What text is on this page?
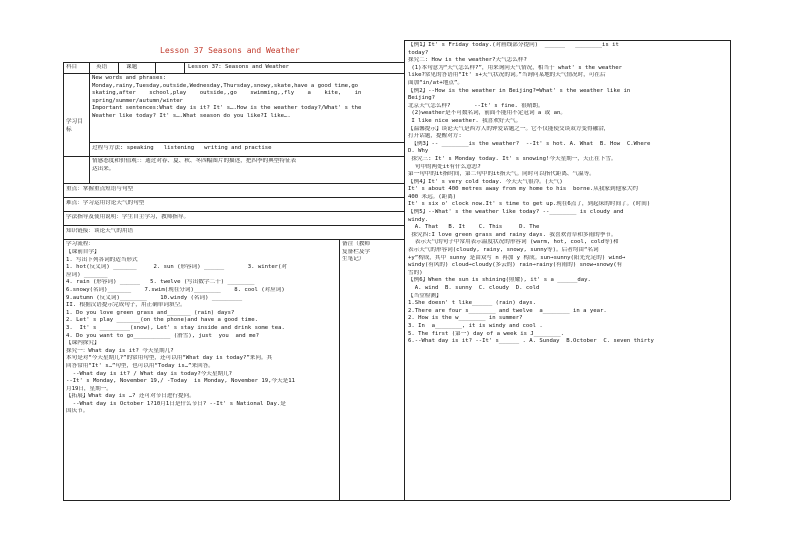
Lesson 37 Seasons and Weather
科目	英语	课题	Lesson 37: Seasons and Weather
学习目标
New words and phrases:
Monday,rainy,Tuesday,outside,Wednesday,Thursday,snowy,skate,have a good time,go
skating,after    school,play    outside,,go    swimming,,fly    a    kite,    in
spring/summer/autumn/winter
Important sentences:What day is it? It' s….How is the weather today?/What' s the
Weather like today? It' s….What season do you like?I like….
过程与方法: speaking   listening   writing and practise
情感态度和价值观：：通过对春、夏、秋、冬四幅图片的描述，把四季的典型特征表
达出来。
重点：掌握重点短语与句型
难点：学习运用讨论天气的句型
学法指导及使用说明：学生自主学习，教师指导。
知识链接：谈论天气的用语
学习流程：	备注（教师
复备栏及学
生笔记）
【课前自学】
1. 写出下列各词的适当形式
1. hot(反义词) _______     2. sun (形容词) ______       3. winter(对
应词) _______
4. rain (形容词) ______   5. twelve (写出数字二十) ________
6.snowy(名词)_______    7.swim(现在分词)________    8. cool (对应词)
9.autumn (反义词)________    10.windy (名词) _________
II. 根据汉语提示完成句子，用正确单词填空。
1. Do you love green grass and_______ (rain) days?
2. Let' s play _______(on the phone)and have a good time.
3.  It' s _________(snow), Let' s stay inside and drink some tea.
4. Do you want to go___________ (滑雪), just  you  and me?
【课内探究】
探究一：What day is it? 今天星期几?
本句是对“今天星期几?”的常用句型，还可以用“What day is today?”来问。其
回答常用“It' s…”句型，也可以用“Today is…”来回答。
--What day is it? / What day is today?今天星期几?
--It' s Monday, November 19,/ -Today  is Monday, November 19,今天是11
月19日，星期一。
【拓展】What day is …? 还可对节日进行提问。
--What day is October 1?10月1日是什么节日? --It' s National Day.是
国庆节。
【例1】It' s Friday today.(对画线部分提问)  ______   ________is it
today?
探究二: How is the weather?天气怎么样?
(1)本句意为“天气怎么样?”，用来询问天气情况，相当于 what' s the weather
like?常见的答语用“It' s+天气状况的词。”当询问某地的天气情况时，可在后
面加“in/at+地点”。
【例2】--How is the weather in Beijing?=What' s the weather like in
Beijing?
北京天气怎么样?       --It' s fine. 很晴朗。
(2)weather是不可数名词，前面不能用不定冠词 a 或 an。
I like nice weather. 我喜欢好天气。
【温馨提示】谈论天气是西方人的钟爱话题之一。它不仅能使交谈双方变得融洽，
打开话题，提醒对方:
【例3】-- ________is the weather?  --It' s hot. A. What  B. How  C.Where
D. Why
探究三: It' s Monday today. It' s snowing!今天星期一，天正在下雪。
句中的两处it有什么意思?
第一句中的it指时间，第二句中的it指天气。同时可以指代距离、气温等。
【例4】It' s very cold today. 今天天气很冷。(天气)
It' s about 400 metres away from my home to his  borne.从我家到他家大约
400 米远。(距离)
It' s six o' clock now.It' s time to get up.现在6点了，到起床的时间了。(时间)
【例5】--What' s the weather like today? --________ is cloudy and
windy.
A. That   B. It    C. This     D. The
探究四:I love green grass and rainy days. 我喜欢青草和多雨的季节。
表示天气的句子中常用表示温度状况的形容词 (warm, hot, cool, cold等)和
表示天气的形容词(cloudy, rainy, snowy, sunny等)。后者均由“名词
+y”构成，其中 sunny 是由双写 n 再加 y 构成。sun→sunny(阳光充足的) wind→
windy(有风的) cloud→cloudy(多云的) rain→rainy(有雨的) snow→snowy(有
雪的)
【例6】When the sun is shining(照耀), it' s a ______day.
A. wind  B. sunny  C. cloudy  D. cold
【当堂检测】
1.She doesn' t like______ (rain) days.
2.There are four s________ and twelve  a________ in a year.
2. How is the w________ in summer?
3. In  a________, it is windy and cool .
5. The first (第一) day of a week is J________.
6.--What day is it? --It' s______ . A. Sunday  B.October  C. seven thirty
